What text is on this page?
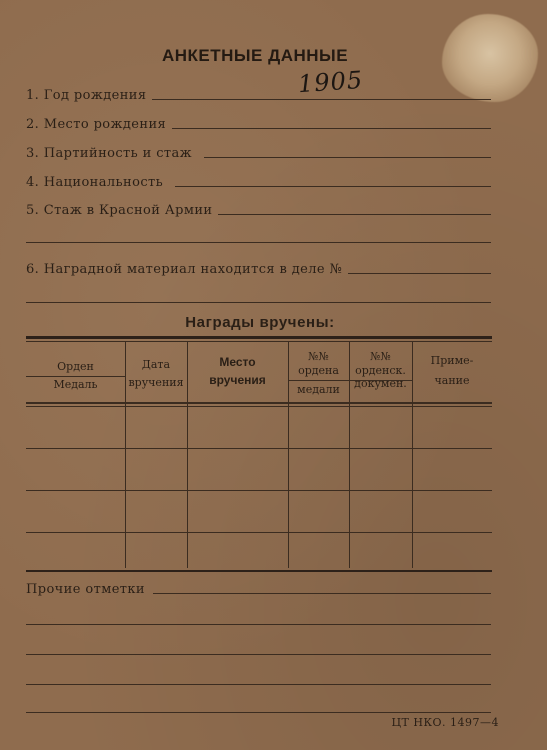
АНКЕТНЫЕ ДАННЫЕ
1. Год рождения	1905
2. Место рождения
3. Партийность и стаж
4. Национальность
5. Стаж в Красной Армии
6. Наградной материал находится в деле №
Награды вручены:
Орден
Медаль
Дата
вручения
Место
вручения
№№
ордена
медали
№№
орденск.
докумен.
Приме-
чание
Прочие отметки
ЦТ НКО. 1497—4
